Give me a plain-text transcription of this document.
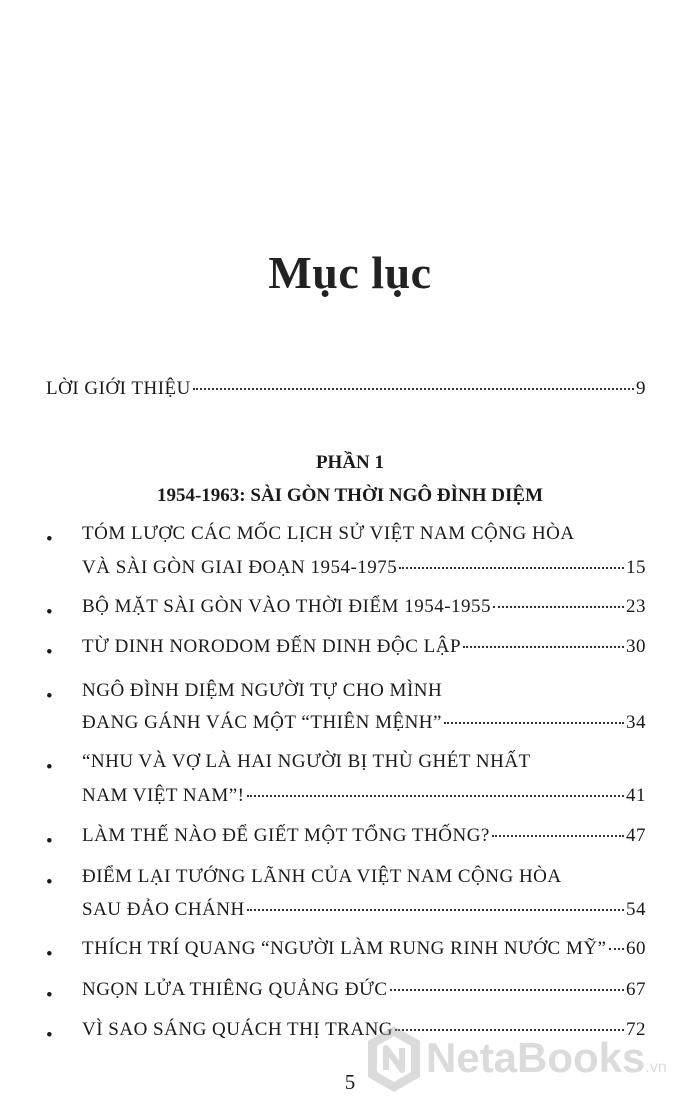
Mục lục
LỜI GIỚI THIỆU	9
PHẦN 1
1954-1963: SÀI GÒN THỜI NGÔ ĐÌNH DIỆM
• TÓM LƯỢC CÁC MỐC LỊCH SỬ VIỆT NAM CỘNG HÒA
VÀ SÀI GÒN GIAI ĐOẠN 1954-1975	15
• BỘ MẶT SÀI GÒN VÀO THỜI ĐIỂM 1954-1955	23
• TỪ DINH NORODOM ĐẾN DINH ĐỘC LẬP	30
• NGÔ ĐÌNH DIỆM NGƯỜI TỰ CHO MÌNH
ĐANG GÁNH VÁC MỘT “THIÊN MỆNH”	34
• “NHU VÀ VỢ LÀ HAI NGƯỜI BỊ THÙ GHÉT NHẤT
NAM VIỆT NAM”!	41
• LÀM THẾ NÀO ĐỂ GIẾT MỘT TỔNG THỐNG?	47
• ĐIỂM LẠI TƯỚNG LÃNH CỦA VIỆT NAM CỘNG HÒA
SAU ĐẢO CHÁNH	54
• THÍCH TRÍ QUANG “NGƯỜI LÀM RUNG RINH NƯỚC MỸ” 60
• NGỌN LỬA THIÊNG QUẢNG ĐỨC	67
• VÌ SAO SÁNG QUÁCH THỊ TRANG	72
5
NetaBooks.vn
